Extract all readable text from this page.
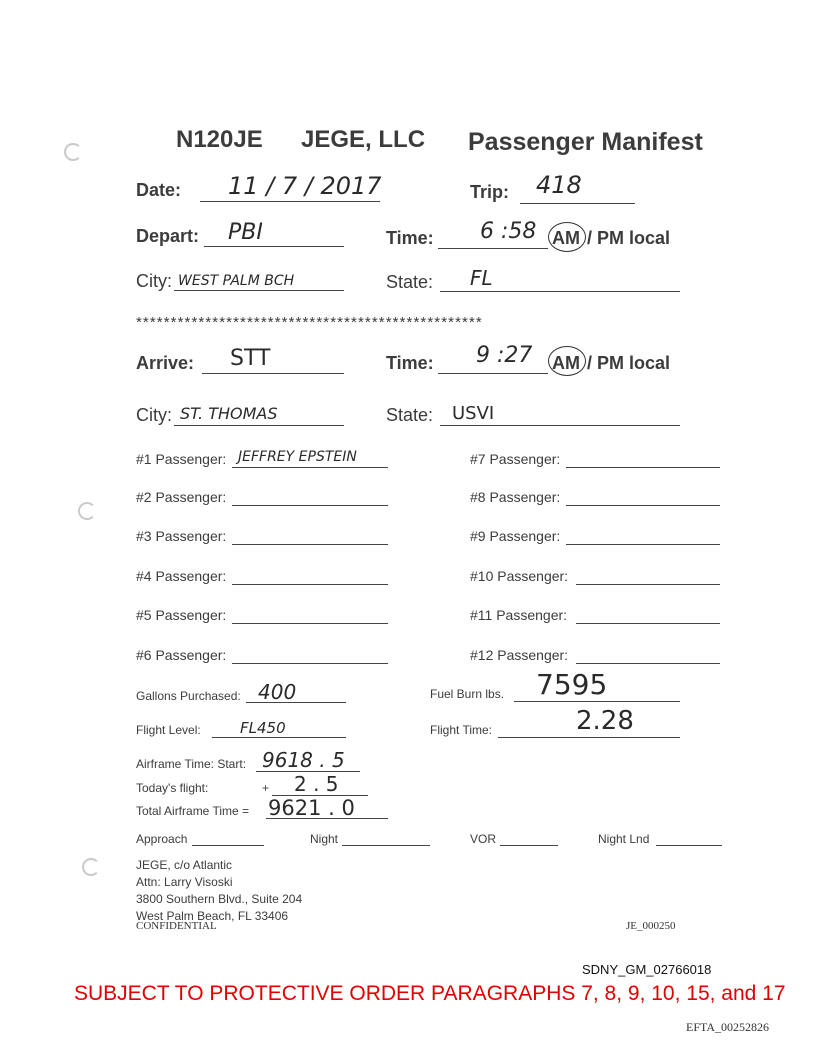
N120JE JEGE, LLC Passenger Manifest
Date: 11 / 7 / 2017	Trip: 418
Depart: PBI	Time: 6 :58 AM / PM local
City: WEST PALM BCH	State: FL
**************************************************
Arrive: STT	Time: 9 :27 AM / PM local
City: ST. THOMAS	State: USVI
#1 Passenger: JEFFREY EPSTEIN
#2 Passenger:
#3 Passenger:
#4 Passenger:
#5 Passenger:
#6 Passenger:
#7 Passenger:
#8 Passenger:
#9 Passenger:
#10 Passenger:
#11 Passenger:
#12 Passenger:
Gallons Purchased: 400	Fuel Burn lbs. 7595
Flight Level:	FL450	Flight Time:	2.28
Airframe Time: Start: 9618 . 5
Today's flight:	+ 2 . 5
Total Airframe Time = 9621 . 0
Approach	Night	VOR	Night Lnd
JEGE, c/o Atlantic
Attn: Larry Visoski
3800 Southern Blvd., Suite 204
West Palm Beach, FL 33406
CONFIDENTIAL	JE_000250
SDNY_GM_02766018
SUBJECT TO PROTECTIVE ORDER PARAGRAPHS 7, 8, 9, 10, 15, and 17
EFTA_00252826
